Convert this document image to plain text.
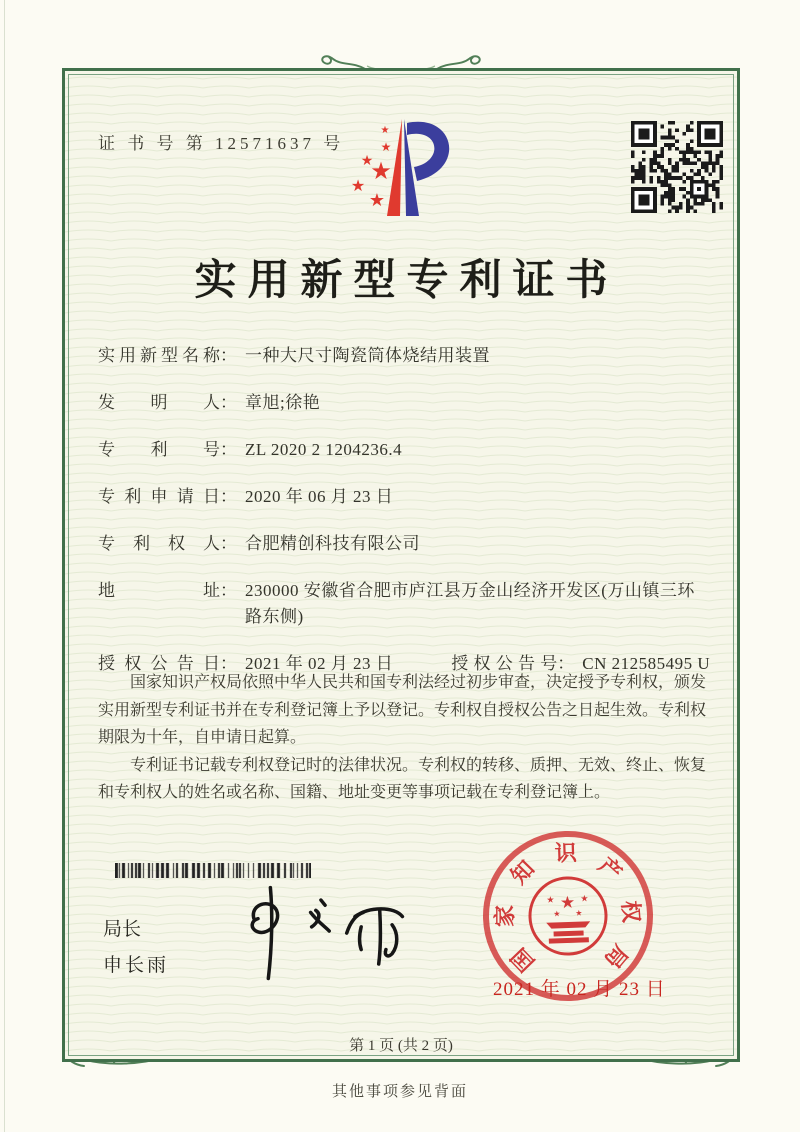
证 书 号 第 12571637 号
★
★
★
★
★
★
实用新型专利证书
实用新型名称 ： 一种大尺寸陶瓷筒体烧结用装置
发明人 ： 章旭;徐艳
专利号 ： ZL 2020 2 1204236.4
专利申请日 ： 2020 年 06 月 23 日
专利权人 ： 合肥精创科技有限公司
地址 ： 230000 安徽省合肥市庐江县万金山经济开发区(万山镇三环路东侧)
授权公告日 ： 2021 年 02 月 23 日	授权公告号 ： CN 212585495 U

国家知识产权局依照中华人民共和国专利法经过初步审查，决定授予专利权，颁发实用新型专利证书并在专利登记簿上予以登记。专利权自授权公告之日起生效。专利权期限为十年，自申请日起算。

专利证书记载专利权登记时的法律状况。专利权的转移、质押、无效、终止、恢复和专利权人的姓名或名称、国籍、地址变更等事项记载在专利登记簿上。

局长
申长雨	国
家
知
识 产
权
局
★
★	★
★ ★
2021 年 02 月 23 日
第 1 页 (共 2 页)
其他事项参见背面
